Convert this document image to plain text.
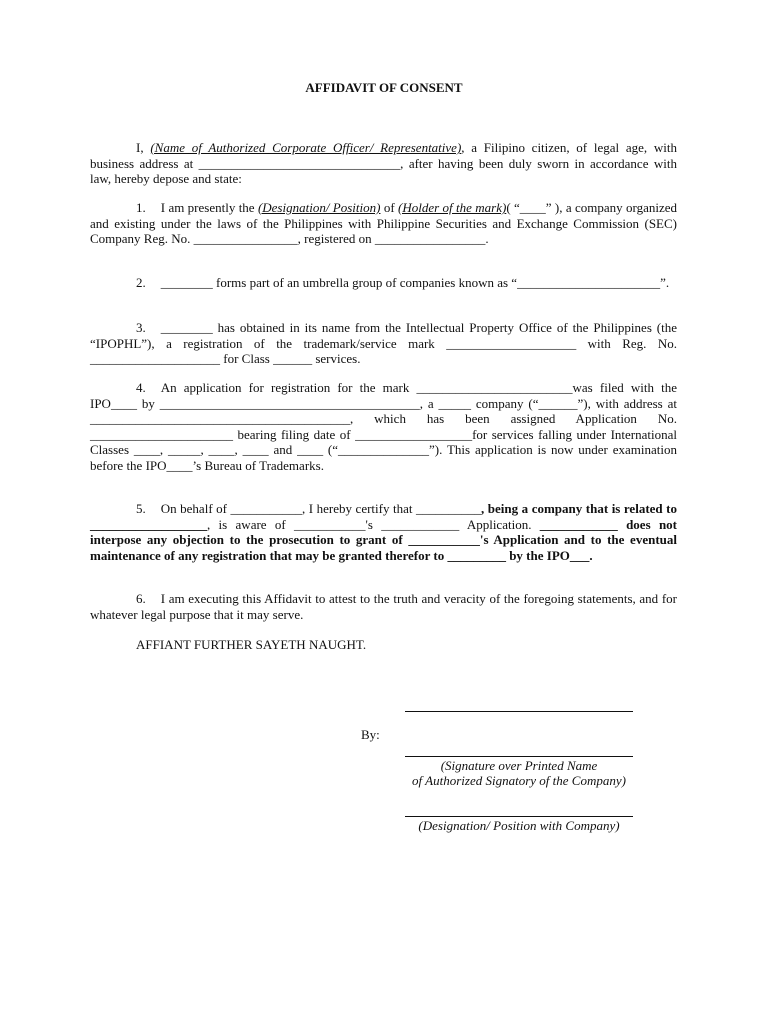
AFFIDAVIT OF CONSENT
I, (Name of Authorized Corporate Officer/ Representative), a Filipino citizen, of legal age, with business address at _______________________________, after having been duly sworn in accordance with law, hereby depose and state:
1. I am presently the (Designation/ Position) of (Holder of the mark)( “____” ), a company organized and existing under the laws of the Philippines with Philippine Securities and Exchange Commission (SEC) Company Reg. No. ________________, registered on _________________.
2. ________ forms part of an umbrella group of companies known as “______________________”.
3. ________ has obtained in its name from the Intellectual Property Office of the Philippines (the “IPOPHL”), a registration of the trademark/service mark ____________________ with Reg. No. ____________________ for Class ______ services.
4. An application for registration for the mark ________________________was filed with the IPO____ by ________________________________________, a _____ company (“______”), with address at ________________________________________, which has been assigned Application No. ______________________ bearing filing date of __________________for services falling under International Classes ____, _____, ____, ____ and ____ (“______________”). This application is now under examination before the IPO____’s Bureau of Trademarks.
5. On behalf of ___________, I hereby certify that __________, being a company that is related to __________________, is aware of ___________'s ____________ Application. ____________ does not interpose any objection to the prosecution to grant of ___________'s Application and to the eventual maintenance of any registration that may be granted therefor to _________ by the IPO___.
6. I am executing this Affidavit to attest to the truth and veracity of the foregoing statements, and for whatever legal purpose that it may serve.
AFFIANT FURTHER SAYETH NAUGHT.
By:
(Signature over Printed Name
of Authorized Signatory of the Company)
(Designation/ Position with Company)
